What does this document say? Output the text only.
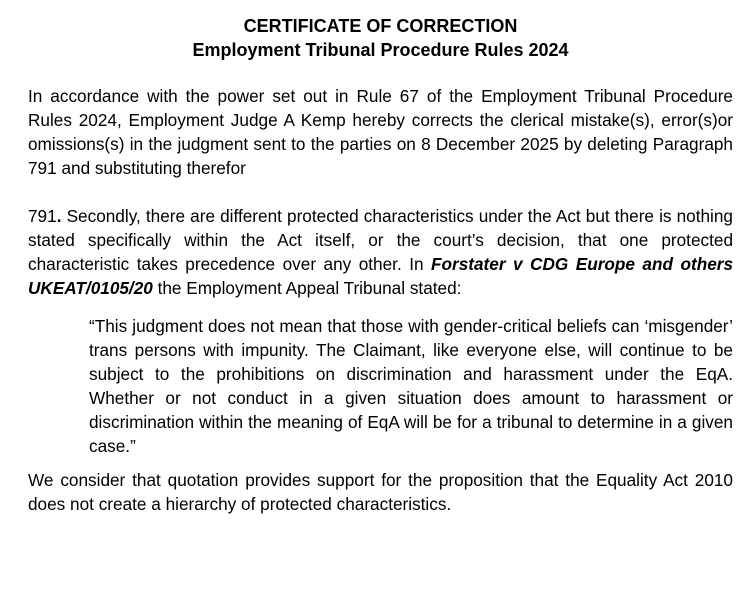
CERTIFICATE OF CORRECTION

Employment Tribunal Procedure Rules 2024

In accordance with the power set out in Rule 67 of the Employment Tribunal Procedure Rules 2024, Employment Judge A Kemp hereby corrects the clerical mistake(s), error(s)or omissions(s) in the judgment sent to the parties on 8 December 2025 by deleting Paragraph 791 and substituting therefor

791. Secondly, there are different protected characteristics under the Act but there is nothing stated specifically within the Act itself, or the court’s decision, that one protected characteristic takes precedence over any other. In Forstater v CDG Europe and others UKEAT/0105/20 the Employment Appeal Tribunal stated:

“This judgment does not mean that those with gender-critical beliefs can ‘misgender’ trans persons with impunity. The Claimant, like everyone else, will continue to be subject to the prohibitions on discrimination and harassment under the EqA. Whether or not conduct in a given situation does amount to harassment or discrimination within the meaning of EqA will be for a tribunal to determine in a given case.”

We consider that quotation provides support for the proposition that the Equality Act 2010 does not create a hierarchy of protected characteristics.
